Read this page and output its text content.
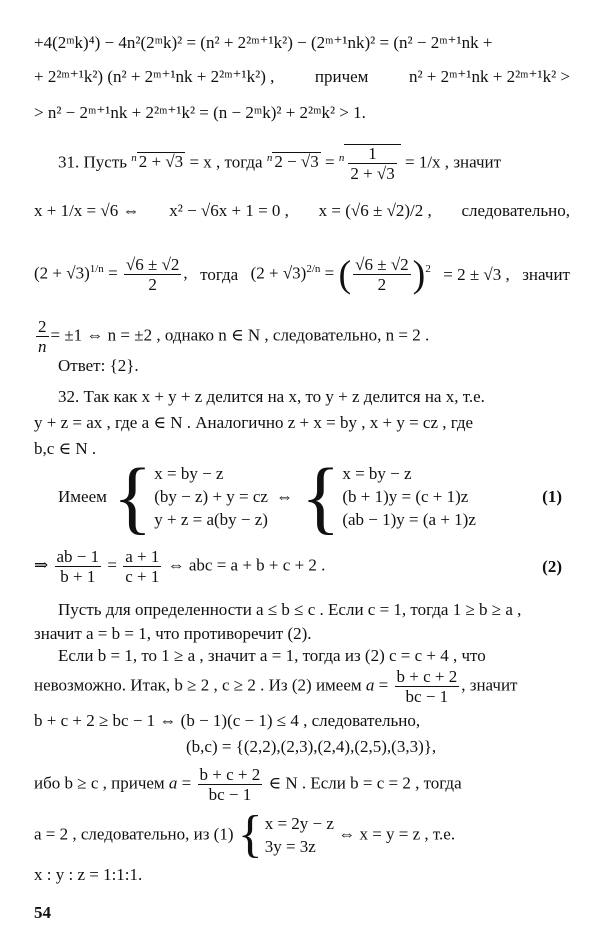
+4(2ᵐk)⁴) − 4n²(2ᵐk)² = (n² + 2²ᵐ⁺¹k²) − (2ᵐ⁺¹nk)² = (n² − 2ᵐ⁺¹nk +
+ 2²ᵐ⁺¹k²) (n² + 2ᵐ⁺¹nk + 2²ᵐ⁺¹k²) , причем n² + 2ᵐ⁺¹nk + 2²ᵐ⁺¹k² >
> n² − 2ᵐ⁺¹nk + 2²ᵐ⁺¹k² = (n − 2ᵐk)² + 2²ᵐk² > 1.
31. Пусть $^n$ 2 + √3 = x , тогда $^n$ $2 - √3 = ^n \frac{1}{2 + √3} = 1/x$ , значит
x + 1/x = √6 ⇔ x² − √6x + 1 = 0 , x = (√6 ± √2)/2 , следовательно,
$(2 + √3)^{1/n} = \frac{√6 \pm √2}{2}$ , тогда $(2 + √3)^{2/n}$ = ( $\frac{√6 \pm √2}{2} )^2 = 2 \pm √3$ , значит
$\frac{2}{n} = \pm 1$ ⇔ n = ±2 , однако n ∈ N , следовательно, n = 2 .
Ответ: {2}.
32. Так как x + y + z делится на x, то y + z делится на x, т.е.
y + z = ax , где a ∈ N . Аналогично z + x = by , x + y = cz , где
b,c ∈ N .
Имеем { x = by − z
(by − z) + y = cz
y + z = a(by − z)
⇔ { x = by − z
(b + 1)y = (c + 1)z
(ab − 1)y = (a + 1)z
(1)
⇒ $\frac{ab - 1}{b + 1} = \frac{a + 1}{c + 1}$ ⇔ abc = a + b + c + 2 .	(2)
Пусть для определенности a ≤ b ≤ c . Если c = 1, тогда 1 ≥ b ≥ a ,
значит a = b = 1, что противоречит (2).
Если b = 1, то 1 ≥ a , значит a = 1, тогда из (2) c = c + 4 , что
невозможно. Итак, b ≥ 2 , c ≥ 2 . Из (2) имеем $a = \frac{b + c + 2}{bc - 1}$ , значит
b + c + 2 ≥ bc − 1 ⇔ (b − 1)(c − 1) ≤ 4 , следовательно,
(b,c) = {(2,2),(2,3),(2,4),(2,5),(3,3)},
ибо b ≥ c , причем $a = \frac{b + c + 2}{bc - 1}$ ∈ N . Если b = c = 2 , тогда
a = 2 , следовательно, из (1) { x = 2y − z
3y = 3z
⇔ x = y = z , т.е.
x : y : z = 1:1:1.
54
